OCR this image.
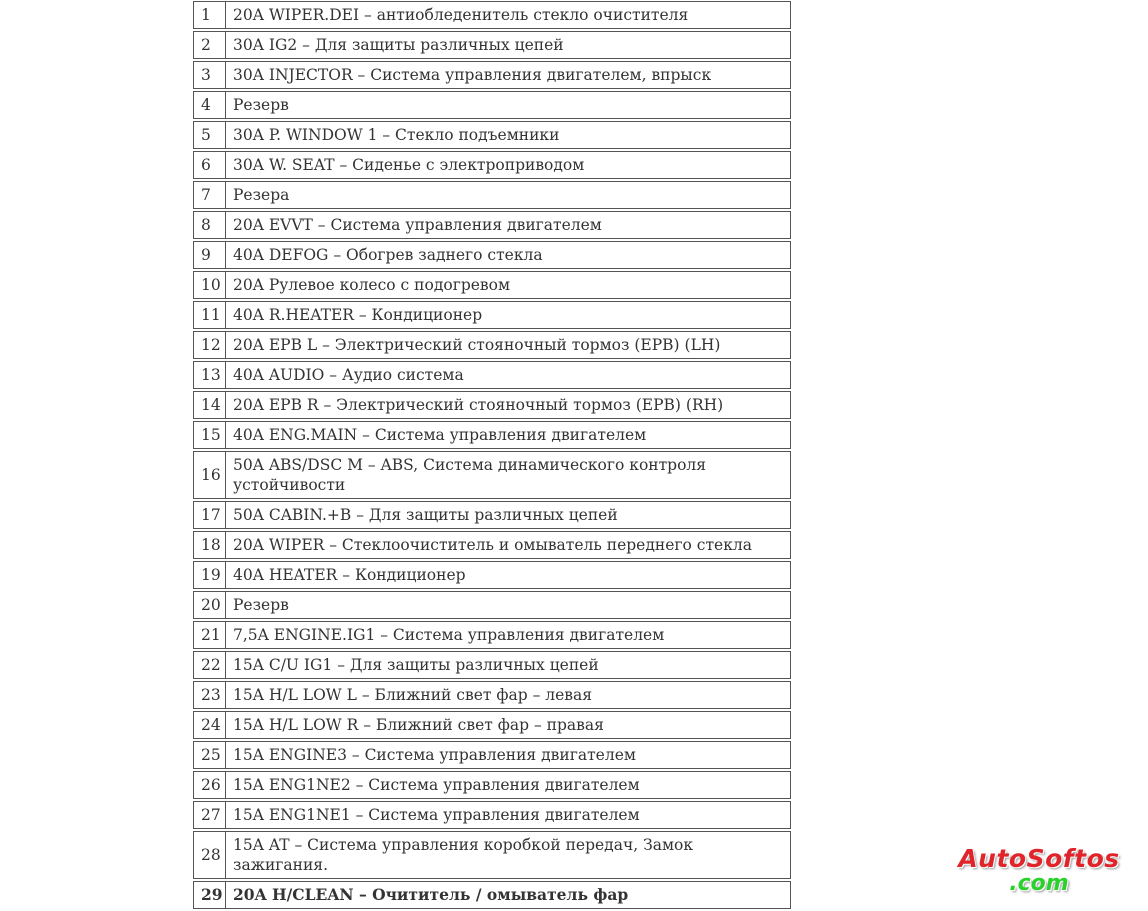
1	20A WIPER.DEI – антиобледенитель стекло очистителя
2	30A IG2 – Для защиты различных цепей
3	30A INJECTOR – Система управления двигателем, впрыск
4	Резерв
5	30A P. WINDOW 1 – Стекло подъемники
6	30A W. SEAT – Сиденье с электроприводом
7	Резера
8	20A EVVT – Система управления двигателем
9	40A DEFOG – Обогрев заднего стекла
10	20A Рулевое колесо с подогревом
11	40A R.HEATER – Кондиционер
12	20A EPB L – Электрический стояночный тормоз (EPB) (LH)
13	40A AUDIO – Аудио система
14	20A EPB R – Электрический стояночный тормоз (EPB) (RH)
15	40A ENG.MAIN – Система управления двигателем
16	50A ABS/DSC M – ABS, Система динамического контроля устойчивости
17	50A CABIN.+B – Для защиты различных цепей
18	20A WIPER – Стеклоочиститель и омыватель переднего стекла
19	40A HEATER – Кондиционер
20	Резерв
21	7,5A ENGINE.IG1 – Система управления двигателем
22	15A C/U IG1 – Для защиты различных цепей
23	15A H/L LOW L – Ближний свет фар – левая
24	15A H/L LOW R – Ближний свет фар – правая
25	15A ENGINE3 – Система управления двигателем
26	15A ENG1NE2 – Система управления двигателем
27	15A ENG1NE1 – Система управления двигателем
28	15A AT – Система управления коробкой передач, Замок зажигания.
29	20A H/CLEAN – Очититель / омыватель фар
AutoSoftos
.com
